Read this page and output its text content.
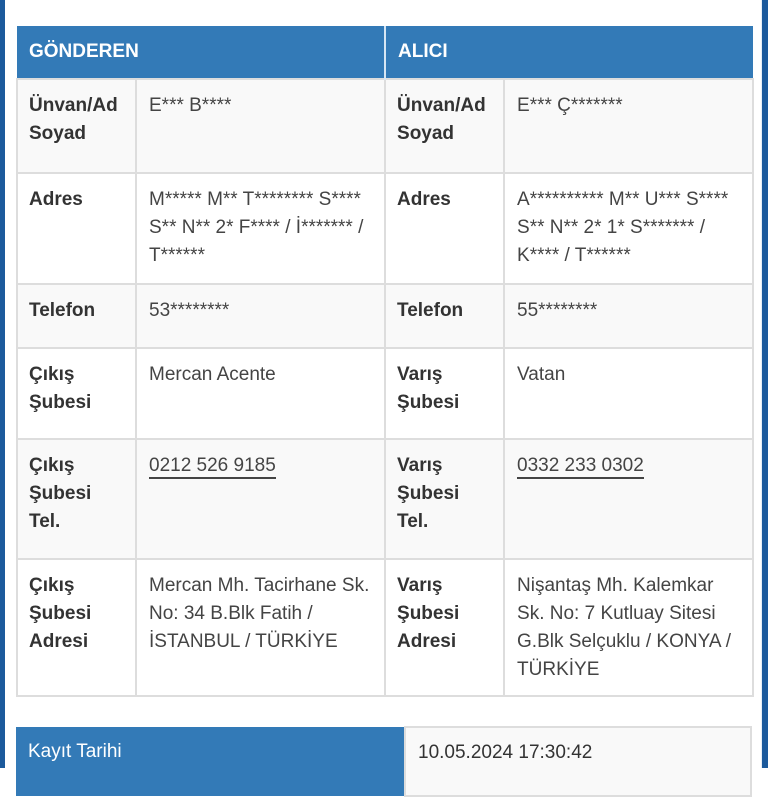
GÖNDEREN		ALICI	
Ünvan/Ad Soyad	E*** B****	Ünvan/Ad Soyad	E*** Ç*******
Adres	M***** M** T******** S**** S** N** 2* F**** / İ******* / T******	Adres	A********** M** U*** S**** S** N** 2* 1* S******* / K**** / T******
Telefon	53********	Telefon	55********
Çıkış Şubesi	Mercan Acente	Varış Şubesi	Vatan
Çıkış Şubesi Tel.	0212 526 9185	Varış Şubesi Tel.	0332 233 0302
Çıkış Şubesi Adresi	Mercan Mh. Tacirhane Sk. No: 34 B.Blk Fatih / İSTANBUL / TÜRKİYE	Varış Şubesi Adresi	Nişantaş Mh. Kalemkar Sk. No: 7 Kutluay Sitesi G.Blk Selçuklu / KONYA / TÜRKİYE
Kayıt Tarihi	10.05.2024 17:30:42
